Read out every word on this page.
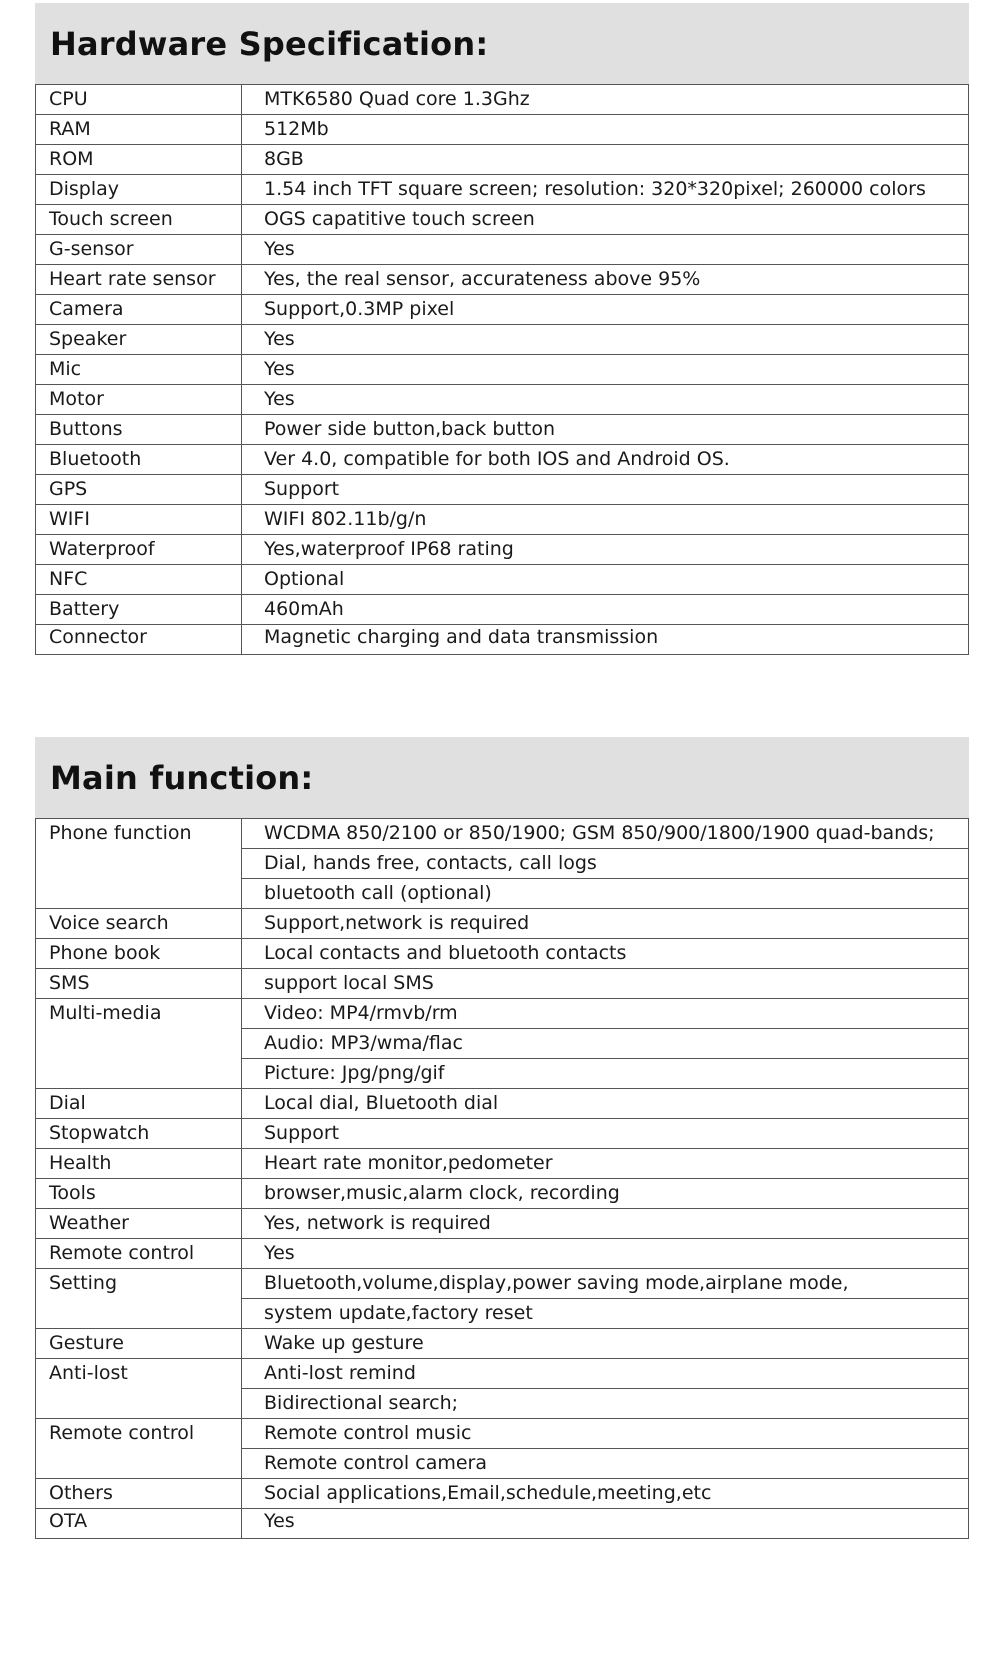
Hardware Specification:
CPU	MTK6580 Quad core 1.3Ghz
RAM	512Mb
ROM	8GB
Display	1.54 inch TFT square screen; resolution: 320*320pixel; 260000 colors
Touch screen	OGS capatitive touch screen
G-sensor	Yes
Heart rate sensor	Yes, the real sensor, accurateness above 95%
Camera	Support,0.3MP pixel
Speaker	Yes
Mic	Yes
Motor	Yes
Buttons	Power side button,back button
Bluetooth	Ver 4.0, compatible for both IOS and Android OS.
GPS	Support
WIFI	WIFI 802.11b/g/n
Waterproof	Yes,waterproof IP68 rating
NFC	Optional
Battery	460mAh
Connector	Magnetic charging and data transmission
Main function:
Phone function	WCDMA 850/2100 or 850/1900; GSM 850/900/1800/1900 quad-bands;
	Dial, hands free, contacts, call logs
	bluetooth call (optional)
Voice search	Support,network is required
Phone book	Local contacts and bluetooth contacts
SMS	support local SMS
Multi-media	Video: MP4/rmvb/rm
	Audio: MP3/wma/flac
	Picture: Jpg/png/gif
Dial	Local dial, Bluetooth dial
Stopwatch	Support
Health	Heart rate monitor,pedometer
Tools	browser,music,alarm clock, recording
Weather	Yes, network is required
Remote control	Yes
Setting	Bluetooth,volume,display,power saving mode,airplane mode,
	system update,factory reset
Gesture	Wake up gesture
Anti-lost	Anti-lost remind
	Bidirectional search;
Remote control	Remote control music
	Remote control camera
Others	Social applications,Email,schedule,meeting,etc
OTA	Yes
